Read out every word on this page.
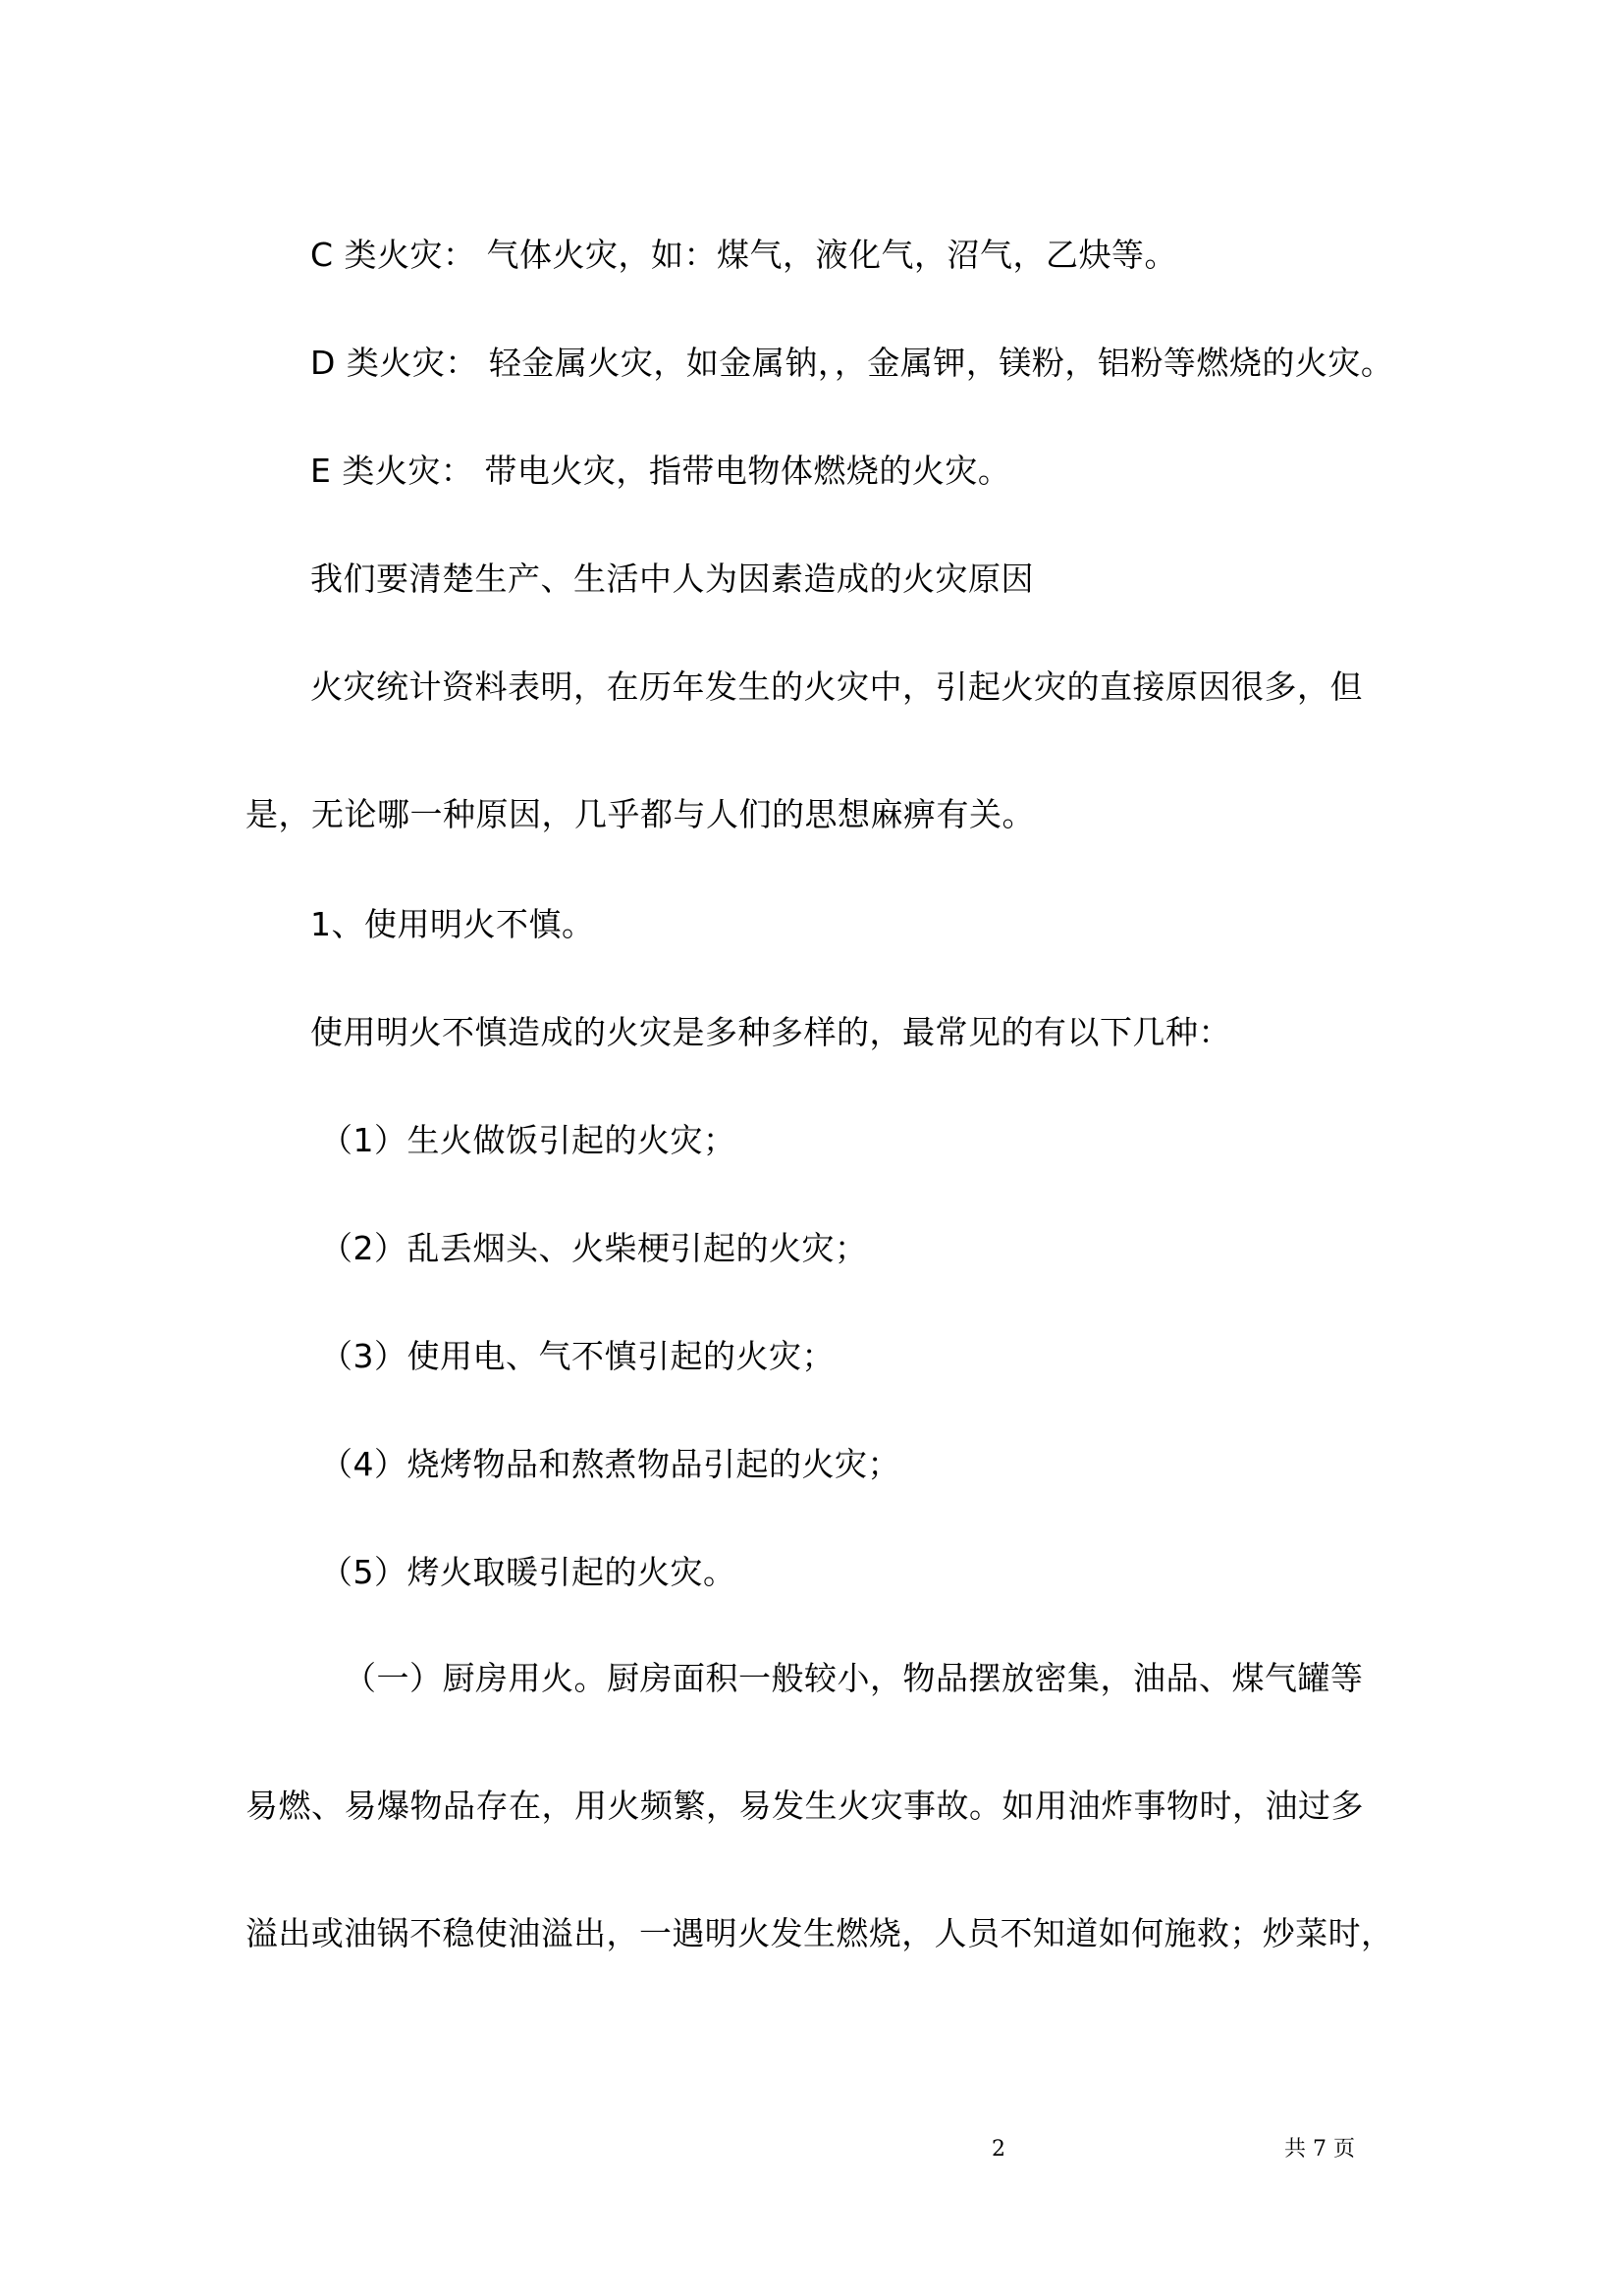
C 类火灾： 气体火灾，如：煤气，液化气，沼气，乙炔等。
D 类火灾： 轻金属火灾，如金属钠，，金属钾，镁粉，铝粉等燃烧的火灾。
E 类火灾： 带电火灾，指带电物体燃烧的火灾。
我们要清楚生产、生活中人为因素造成的火灾原因
火灾统计资料表明，在历年发生的火灾中，引起火灾的直接原因很多，但
是，无论哪一种原因，几乎都与人们的思想麻痹有关。
1、使用明火不慎。
使用明火不慎造成的火灾是多种多样的，最常见的有以下几种：
（1）生火做饭引起的火灾；
（2）乱丢烟头、火柴梗引起的火灾；
（3）使用电、气不慎引起的火灾；
（4）烧烤物品和熬煮物品引起的火灾；
（5）烤火取暖引起的火灾。
（一）厨房用火。厨房面积一般较小，物品摆放密集，油品、煤气罐等
易燃、易爆物品存在，用火频繁，易发生火灾事故。如用油炸事物时，油过多
溢出或油锅不稳使油溢出，一遇明火发生燃烧，人员不知道如何施救；炒菜时，
2	共 7 页
